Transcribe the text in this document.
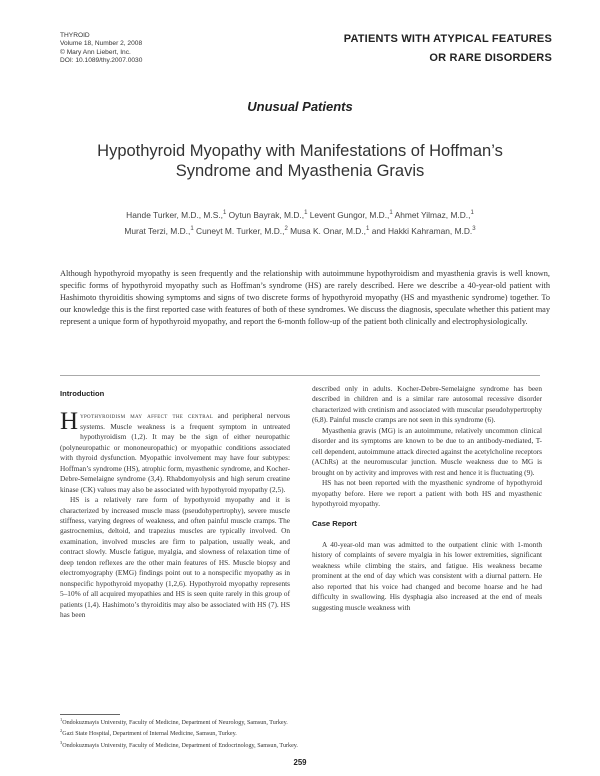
THYROID
Volume 18, Number 2, 2008
© Mary Ann Liebert, Inc.
DOI: 10.1089/thy.2007.0030
PATIENTS WITH ATYPICAL FEATURES
OR RARE DISORDERS
Unusual Patients
Hypothyroid Myopathy with Manifestations of Hoffman’s
Syndrome and Myasthenia Gravis
Hande Turker, M.D., M.S.,$^1$ Oytun Bayrak, M.D.,$^1$ Levent Gungor, M.D.,$^1$ Ahmet Yilmaz, M.D.,$^1$
Murat Terzi, M.D.,$^1$ Cuneyt M. Turker, M.D.,$^2$ Musa K. Onar, M.D.,$^1$ and Hakki Kahraman, M.D.$^3$
Although hypothyroid myopathy is seen frequently and the relationship with autoimmune hypothyroidism and myasthenia gravis is well known, specific forms of hypothyroid myopathy such as Hoffman’s syndrome (HS) are rarely described. Here we describe a 40-year-old patient with Hashimoto thyroiditis showing symptoms and signs of two discrete forms of hypothyroid myopathy (HS and myasthenic syndrome) together. To our knowledge this is the first reported case with features of both of these syndromes. We discuss the diagnosis, speculate whether this patient may represent a unique form of hypothyroid myopathy, and report the 6-month follow-up of the patient both clinically and electrophysiologically.
Introduction

Hypothyroidism may affect the central and peripheral nervous systems. Muscle weakness is a frequent symptom in untreated hypothyroidism (1,2). It may be the sign of either neuropathic (polyneuropathic or mononeuropathic) or myopathic conditions associated with thyroid dysfunction. Myopathic involvement may have four subtypes: Hoffman’s syndrome (HS), atrophic form, myasthenic syndrome, and Kocher-Debre-Semelaigne syndrome (3,4). Rhabdomyolysis and high serum creatine kinase (CK) values may also be associated with hypothyroid myopathy (2,5).

HS is a relatively rare form of hypothyroid myopathy and it is characterized by increased muscle mass (pseudohypertrophy), severe muscle stiffness, varying degrees of weakness, and often painful muscle cramps. The gastrocnemius, deltoid, and trapezius muscles are typically involved. On examination, involved muscles are firm to palpation, usually weak, and contract slowly. Muscle fatigue, myalgia, and slowness of relaxation time of deep tendon reflexes are the other main features of HS. Muscle biopsy and electromyography (EMG) findings point out to a nonspecific myopathy as in nonspecific hypothyroid myopathy (1,2,6). Hypothyroid myopathy represents 5–10% of all acquired myopathies and HS is seen quite rarely in this group of patients (1,4). Hashimoto’s thyroiditis may also be associated with HS (7). HS has been

described only in adults. Kocher-Debre-Semelaigne syndrome has been described in children and is a similar rare autosomal recessive disorder characterized with cretinism and associated with muscular pseudohypertrophy (6,8). Painful muscle cramps are not seen in this syndrome (6).

Myasthenia gravis (MG) is an autoimmune, relatively uncommon clinical disorder and its symptoms are known to be due to an antibody-mediated, T-cell dependent, autoimmune attack directed against the acetylcholine receptors (AChRs) at the neuromuscular junction. Muscle weakness due to MG is brought on by activity and improves with rest and hence it is fluctuating (9).

HS has not been reported with the myasthenic syndrome of hypothyroid myopathy before. Here we report a patient with both HS and myasthenic hypothyroid myopathy.

Case Report

A 40-year-old man was admitted to the outpatient clinic with 1-month history of complaints of severe myalgia in his lower extremities, significant weakness while climbing the stairs, and fatigue. His weakness became prominent at the end of day which was consistent with a diurnal pattern. He also reported that his voice had changed and become hoarse and he had difficulty in swallowing. His dysphagia also increased at the end of meals suggesting muscle weakness with

$^1$Ondokuzmayis University, Faculty of Medicine, Department of Neurology, Samsun, Turkey.
$^2$Gazi State Hospital, Department of Internal Medicine, Samsun, Turkey.
$^3$Ondokuzmayis University, Faculty of Medicine, Department of Endocrinology, Samsun, Turkey.
259
